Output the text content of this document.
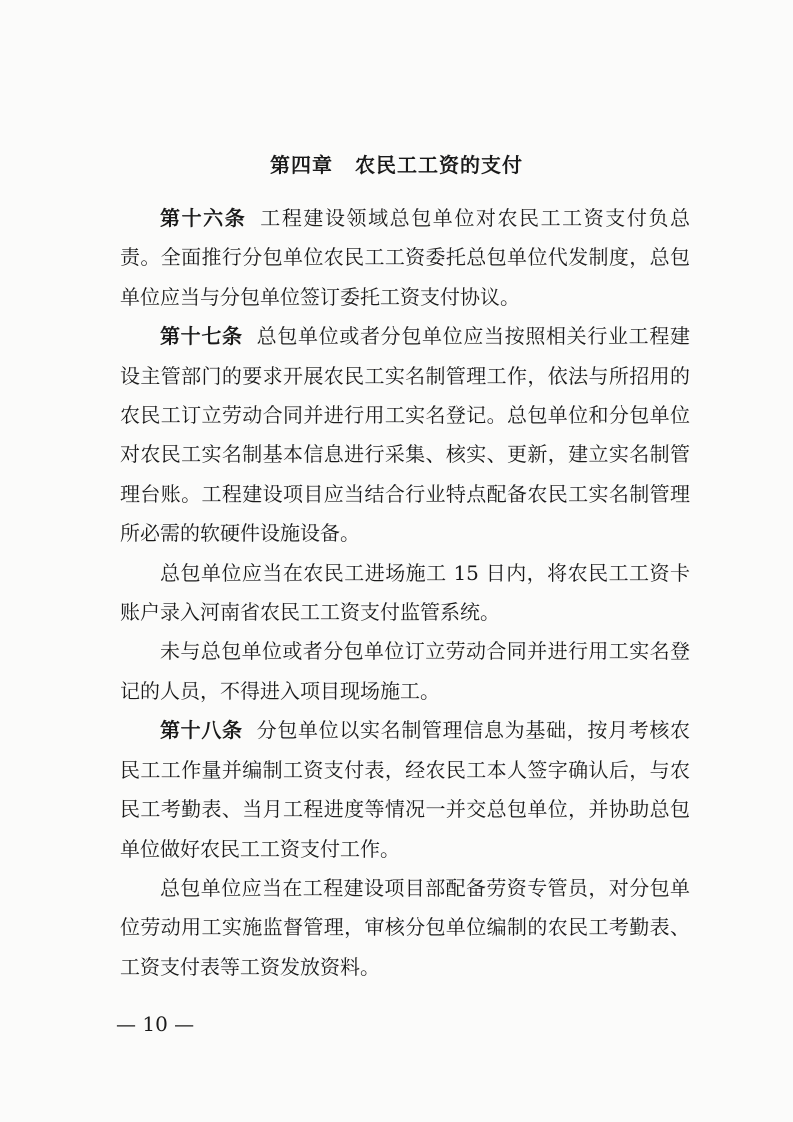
第四章 农民工工资的支付

第十六条 工程建设领域总包单位对农民工工资支付负总责。全面推行分包单位农民工工资委托总包单位代发制度，总包单位应当与分包单位签订委托工资支付协议。

第十七条 总包单位或者分包单位应当按照相关行业工程建设主管部门的要求开展农民工实名制管理工作，依法与所招用的农民工订立劳动合同并进行用工实名登记。总包单位和分包单位对农民工实名制基本信息进行采集、核实、更新，建立实名制管理台账。工程建设项目应当结合行业特点配备农民工实名制管理所必需的软硬件设施设备。

总包单位应当在农民工进场施工 15 日内，将农民工工资卡账户录入河南省农民工工资支付监管系统。

未与总包单位或者分包单位订立劳动合同并进行用工实名登记的人员，不得进入项目现场施工。

第十八条 分包单位以实名制管理信息为基础，按月考核农民工工作量并编制工资支付表，经农民工本人签字确认后，与农民工考勤表、当月工程进度等情况一并交总包单位，并协助总包单位做好农民工工资支付工作。

总包单位应当在工程建设项目部配备劳资专管员，对分包单位劳动用工实施监督管理，审核分包单位编制的农民工考勤表、工资支付表等工资发放资料。

— 10 —
